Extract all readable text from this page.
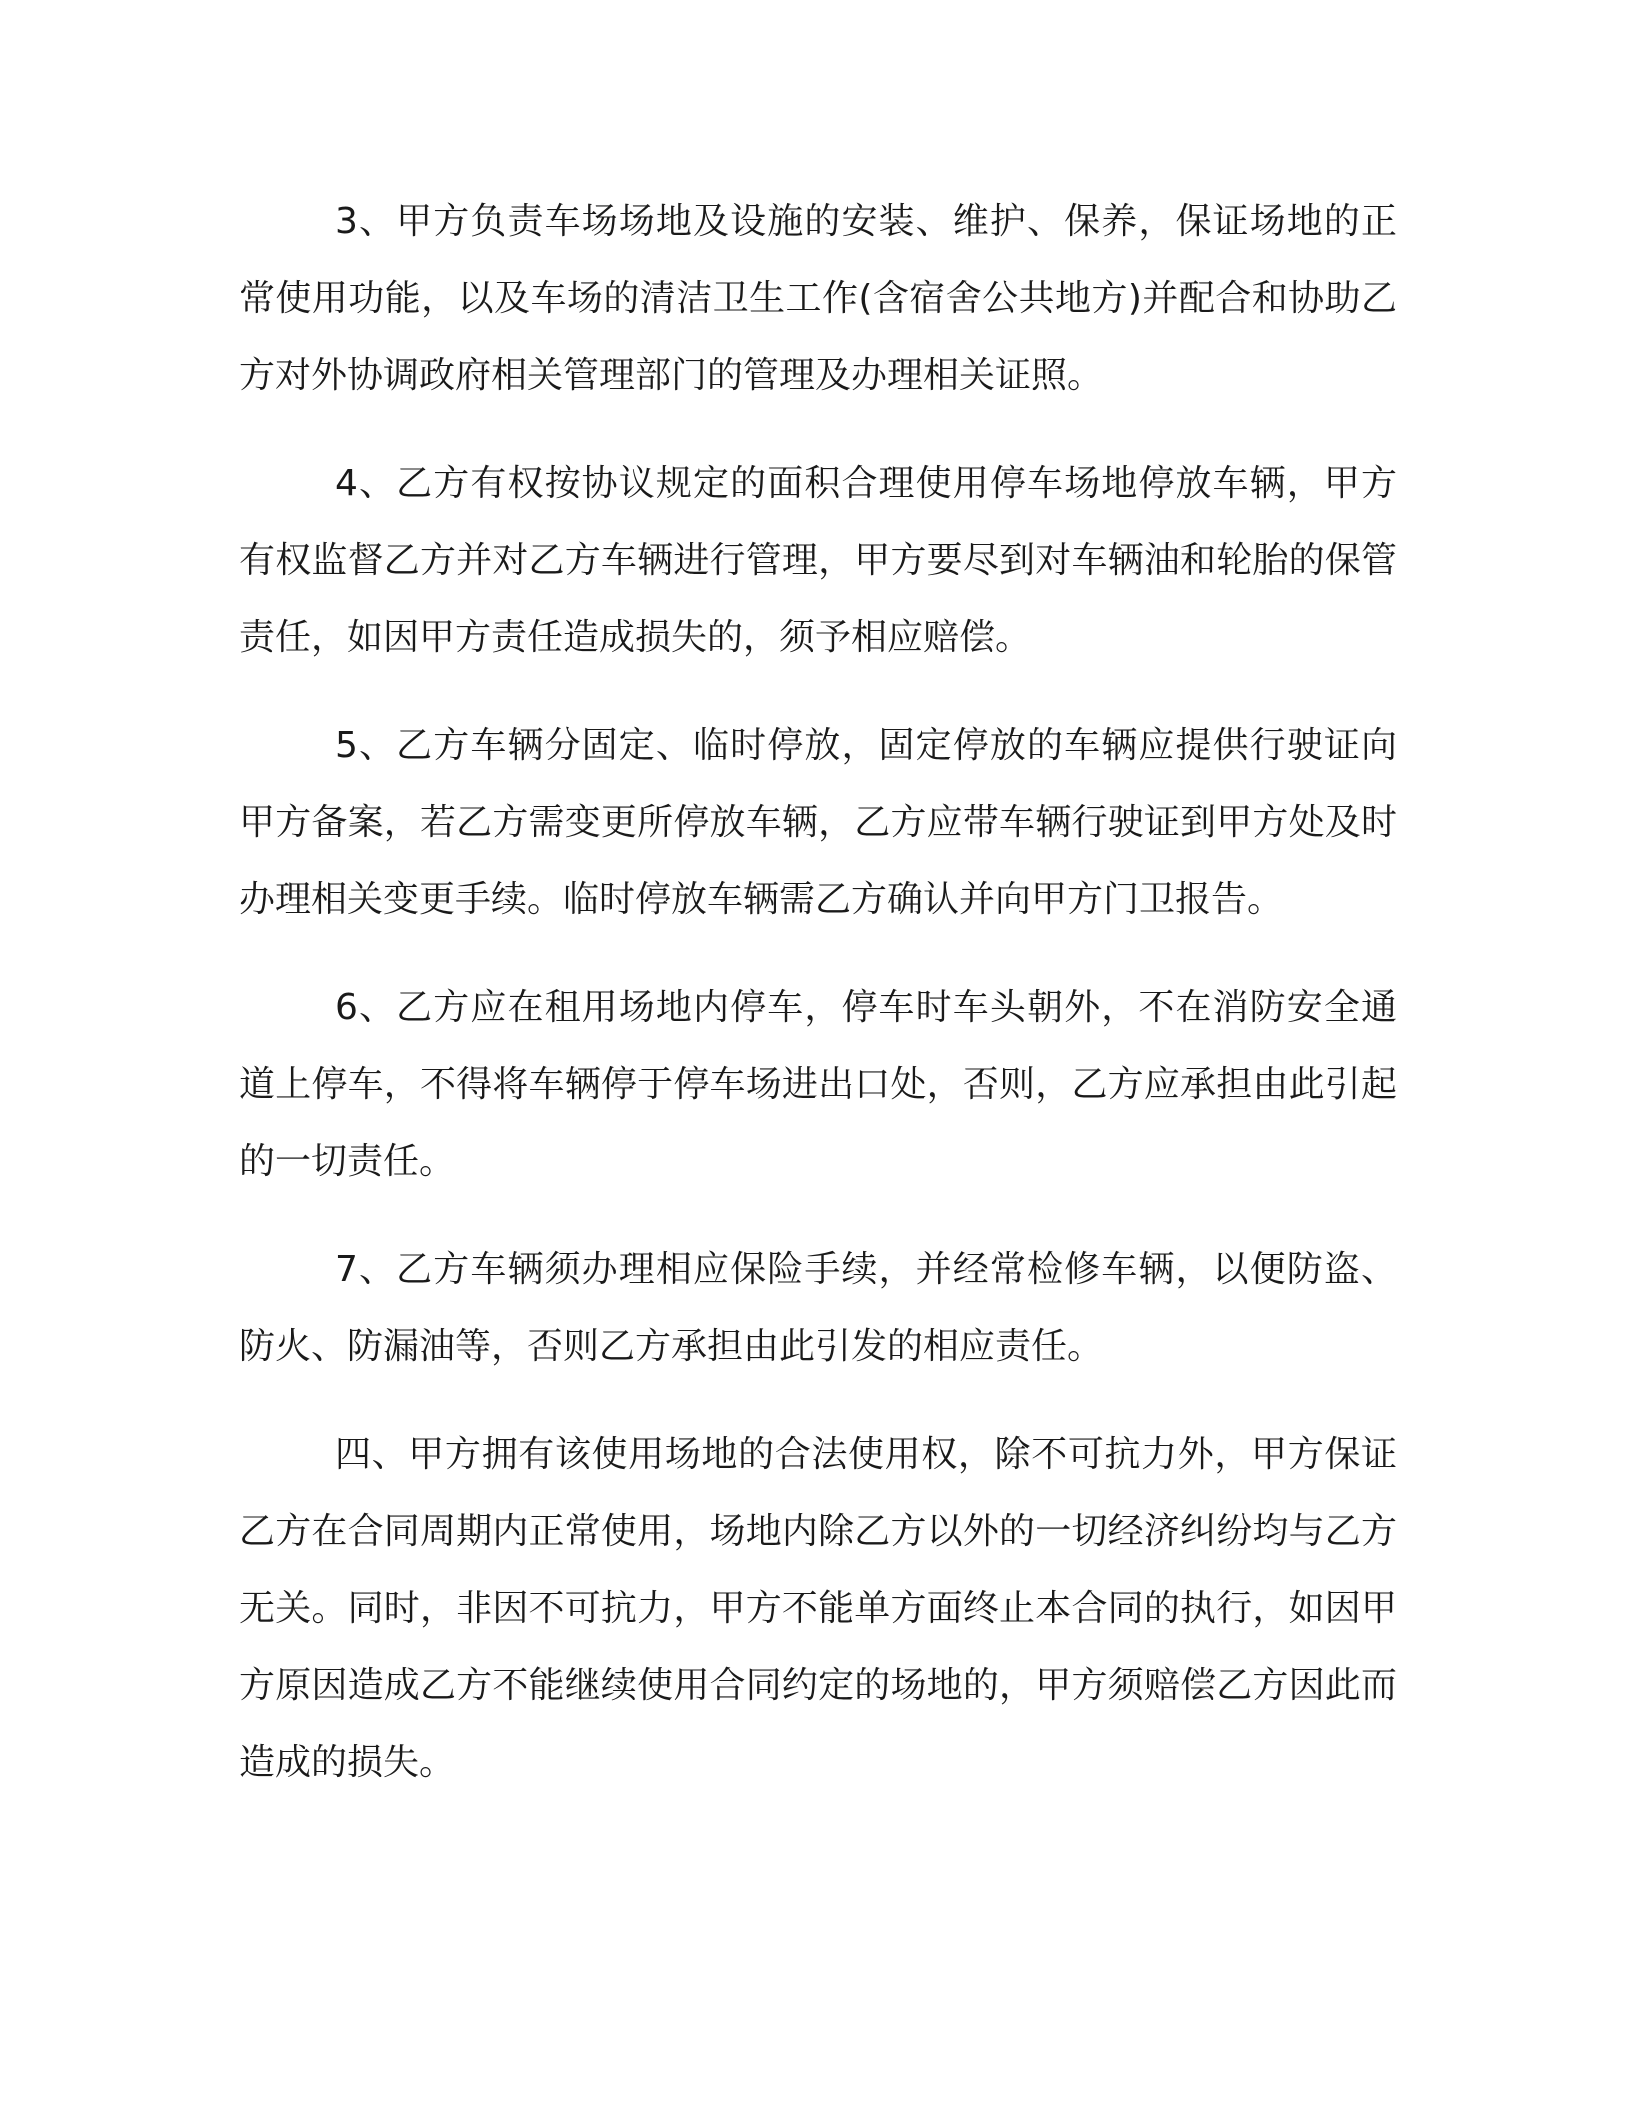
3、甲方负责车场场地及设施的安装、维护、保养，保证场地的正常使用功能，以及车场的清洁卫生工作(含宿舍公共地方)并配合和协助乙方对外协调政府相关管理部门的管理及办理相关证照。

4、乙方有权按协议规定的面积合理使用停车场地停放车辆，甲方有权监督乙方并对乙方车辆进行管理，甲方要尽到对车辆油和轮胎的保管责任，如因甲方责任造成损失的，须予相应赔偿。

5、乙方车辆分固定、临时停放，固定停放的车辆应提供行驶证向甲方备案，若乙方需变更所停放车辆，乙方应带车辆行驶证到甲方处及时办理相关变更手续。临时停放车辆需乙方确认并向甲方门卫报告。

6、乙方应在租用场地内停车，停车时车头朝外，不在消防安全通道上停车，不得将车辆停于停车场进出口处，否则，乙方应承担由此引起的一切责任。

7、乙方车辆须办理相应保险手续，并经常检修车辆，以便防盗、防火、防漏油等，否则乙方承担由此引发的相应责任。

四、甲方拥有该使用场地的合法使用权，除不可抗力外，甲方保证乙方在合同周期内正常使用，场地内除乙方以外的一切经济纠纷均与乙方无关。同时，非因不可抗力，甲方不能单方面终止本合同的执行，如因甲方原因造成乙方不能继续使用合同约定的场地的，甲方须赔偿乙方因此而造成的损失。
